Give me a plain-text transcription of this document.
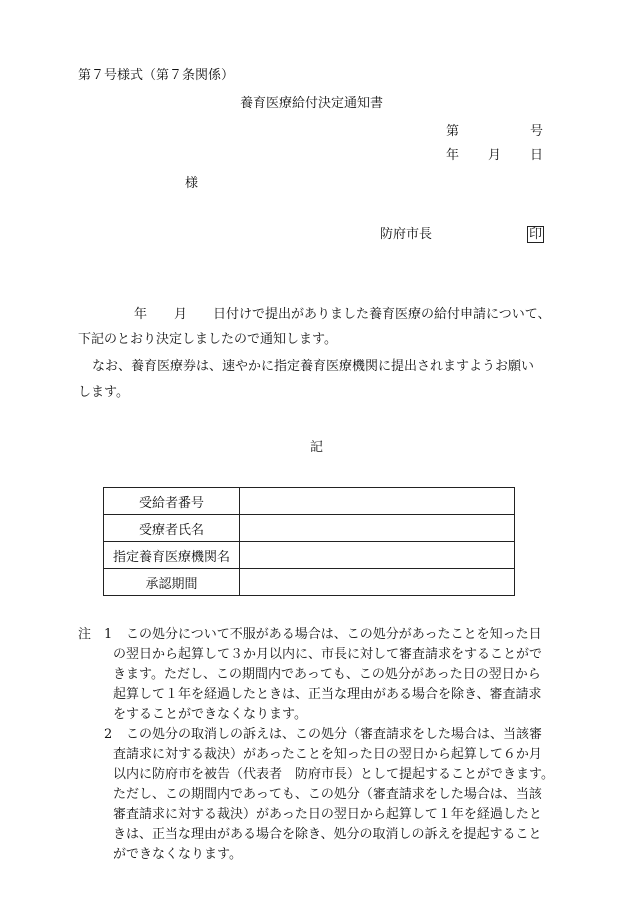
第７号様式（第７条関係）
養育医療給付決定通知書
第	号
年 月 日
様
防府市長	印
年 月 日付けで提出がありました養育医療の給付申請について、
下記のとおり決定しましたので通知します。
なお、養育医療券は、速やかに指定養育医療機関に提出されますようお願い
します。
記
受給者番号	
受療者氏名	
指定養育医療機関名	
承認期間	
注 1 この処分について不服がある場合は、この処分があったことを知った日
の翌日から起算して３か月以内に、市長に対して審査請求をすることがで
きます。ただし、この期間内であっても、この処分があった日の翌日から
起算して１年を経過したときは、正当な理由がある場合を除き、審査請求
をすることができなくなります。
2 この処分の取消しの訴えは、この処分（審査請求をした場合は、当該審
査請求に対する裁決）があったことを知った日の翌日から起算して６か月
以内に防府市を被告（代表者　防府市長）として提起することができます。
ただし、この期間内であっても、この処分（審査請求をした場合は、当該
審査請求に対する裁決）があった日の翌日から起算して１年を経過したと
きは、正当な理由がある場合を除き、処分の取消しの訴えを提起すること
ができなくなります。
